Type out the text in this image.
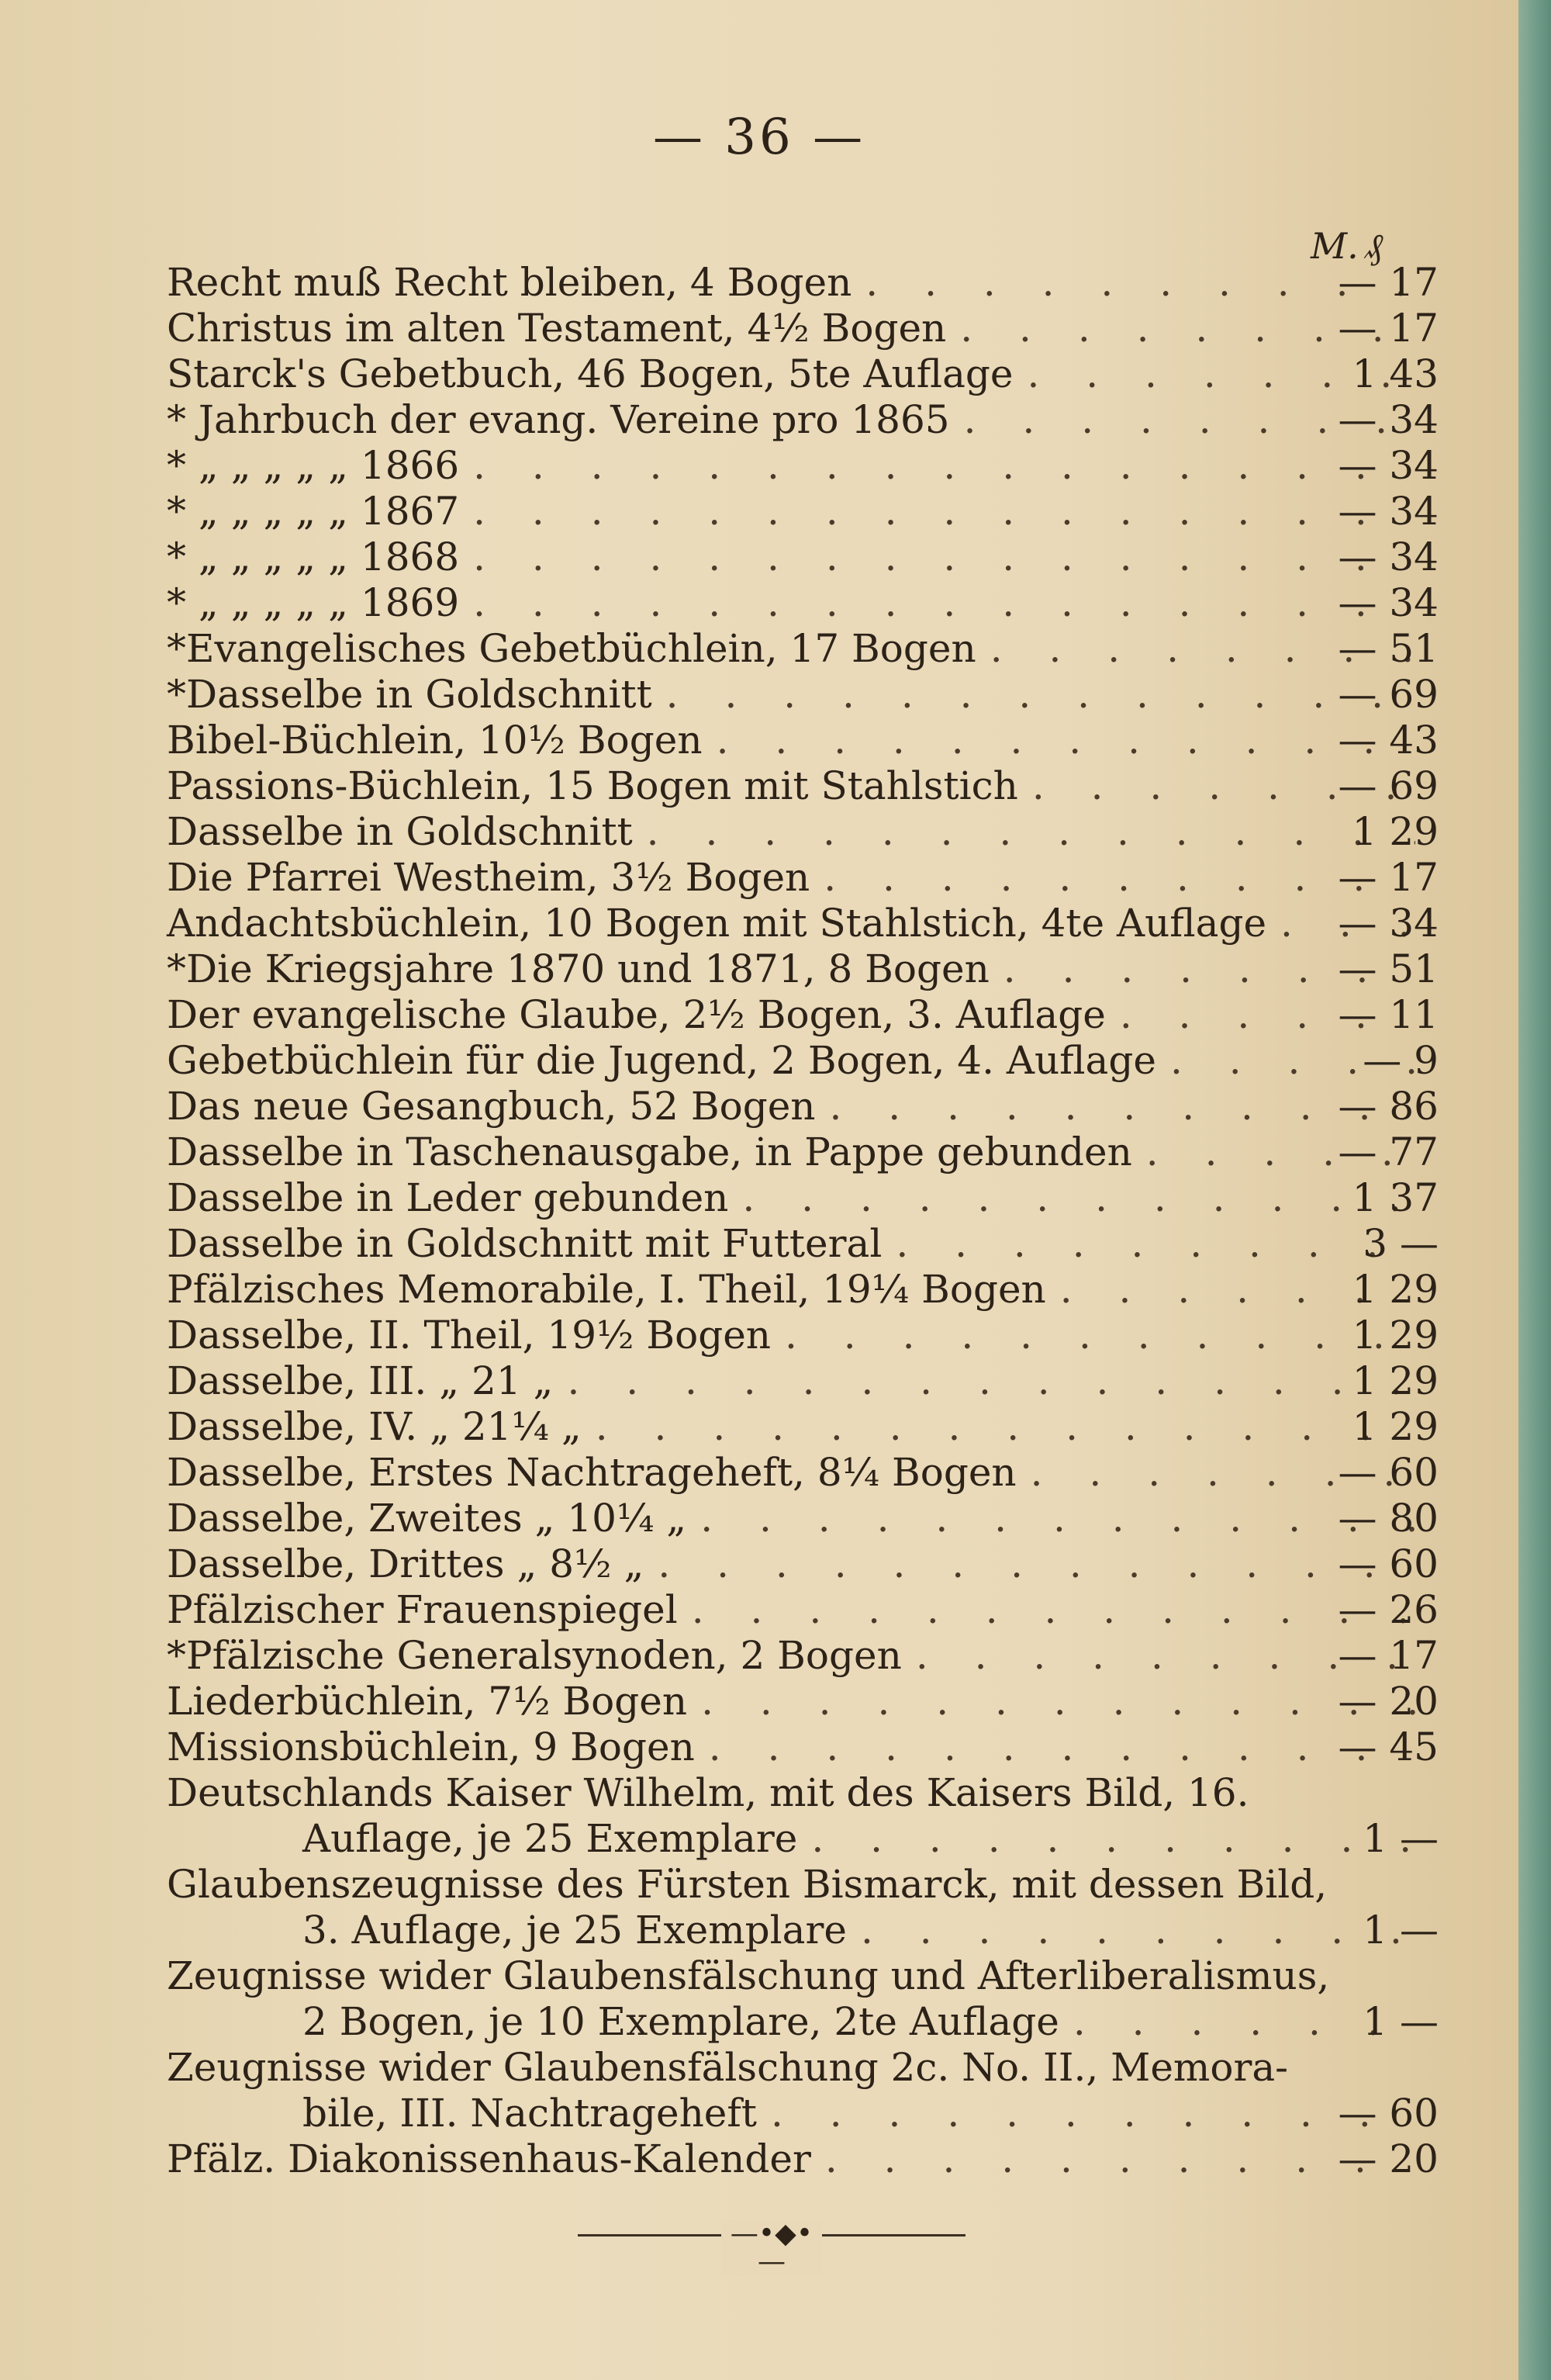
— 36 —
M. ₰
Recht muß Recht bleiben, 4 Bogen . . .	— 17
Christus im alten Testament, 4½ Bogen . . .	— 17
Starck's Gebetbuch, 46 Bogen, 5te Auflage . . .	1 43
* Jahrbuch der evang. Vereine pro 1865 . . .	— 34
* „ „ „ „ „ 1866 . . .	— 34
* „ „ „ „ „ 1867 . . .	— 34
* „ „ „ „ „ 1868 . . .	— 34
* „ „ „ „ „ 1869 . . .	— 34
*Evangelisches Gebetbüchlein, 17 Bogen . . .	— 51
*Dasselbe in Goldschnitt . . .	— 69
Bibel-Büchlein, 10½ Bogen . . .	— 43
Passions-Büchlein, 15 Bogen mit Stahlstich . . .	— 69
Dasselbe in Goldschnitt . . .	1 29
Die Pfarrei Westheim, 3½ Bogen . . .	— 17
Andachtsbüchlein, 10 Bogen mit Stahlstich, 4te Auflage . . .	— 34
*Die Kriegsjahre 1870 und 1871, 8 Bogen . . .	— 51
Der evangelische Glaube, 2½ Bogen, 3. Auflage . . .	— 11
Gebetbüchlein für die Jugend, 2 Bogen, 4. Auflage . . .	— 9
Das neue Gesangbuch, 52 Bogen . . .	— 86
Dasselbe in Taschenausgabe, in Pappe gebunden . . .	— 77
Dasselbe in Leder gebunden . . .	1 37
Dasselbe in Goldschnitt mit Futteral . . .	3 —
Pfälzisches Memorabile, I. Theil, 19¼ Bogen . . .	1 29
Dasselbe, II. Theil, 19½ Bogen . . .	1 29
Dasselbe, III. „ 21 „ . . .	1 29
Dasselbe, IV. „ 21¼ „ . . .	1 29
Dasselbe, Erstes Nachtrageheft, 8¼ Bogen . . .	— 60
Dasselbe, Zweites „ 10¼ „ . . .	— 80
Dasselbe, Drittes „ 8½ „ . . .	— 60
Pfälzischer Frauenspiegel . . .	— 26
*Pfälzische Generalsynoden, 2 Bogen . . .	— 17
Liederbüchlein, 7½ Bogen . . .	— 20
Missionsbüchlein, 9 Bogen . . .	— 45
Deutschlands Kaiser Wilhelm, mit des Kaisers Bild, 16.
Auflage, je 25 Exemplare . . .	1 —
Glaubenszeugnisse des Fürsten Bismarck, mit dessen Bild,
3. Auflage, je 25 Exemplare . . .	1 —
Zeugnisse wider Glaubensfälschung und Afterliberalismus,
2 Bogen, je 10 Exemplare, 2te Auflage . . .	1 —
Zeugnisse wider Glaubensfälschung 2c. No. II., Memora-
bile, III. Nachtrageheft . . .	— 60
Pfälz. Diakonissenhaus-Kalender . . .	— 20
—•◆•—
